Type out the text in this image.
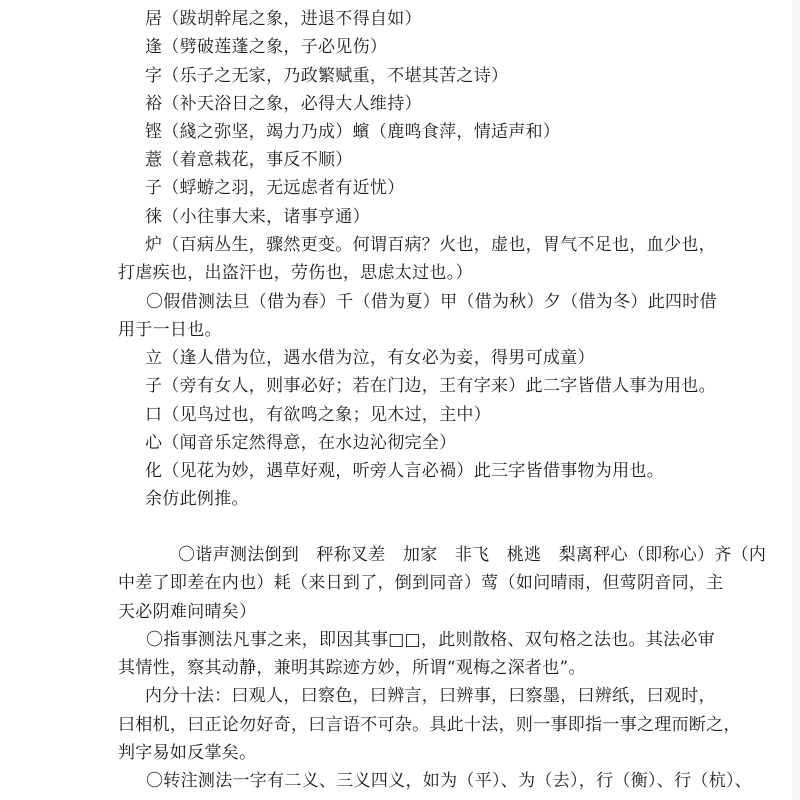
居（跋胡幹尾之象，进退不得自如）
逢（劈破莲蓬之象，子必见伤）
字（乐子之无家，乃政繁赋重，不堪其苦之诗）
裕（补天浴日之象，必得大人维持）
铿（綫之弥坚，竭力乃成）蠙（鹿鸣食萍，情适声和）
薏（着意栽花，事反不顺）
子（蜉蝣之羽，无远虑者有近忧）
徕（小往事大来，诸事亨通）
炉（百病丛生，骤然更变。何谓百病？火也，虚也，胃气不足也，血少也，
打虐疾也，出盗汗也，劳伤也，思虑太过也。）
〇假借测法旦（借为春）千（借为夏）甲（借为秋）夕（借为冬）此四时借
用于一日也。
立（逢人借为位，遇水借为泣，有女必为妾，得男可成童）
子（旁有女人，则事必好；若在门边，王有字来）此二字皆借人事为用也。
口（见鸟过也，有欲鸣之象；见木过，主中）
心（闻音乐定然得意，在水边沁彻完全）
化（见花为妙，遇草好观，听旁人言必禍）此三字皆借事物为用也。
余仿此例推。
〇谐声测法倒到　秤称叉差　加家　非飞　桃逃　梨离秤心（即称心）齐（内
中差了即差在内也）耗（来日到了，倒到同音）莺（如问晴雨，但莺阴音同，主
天必阴难问晴矣）
〇指事测法凡事之来，即因其事□□，此则散格、双句格之法也。其法必审
其情性，察其动静，兼明其踪迹方妙，所谓“观梅之深者也”。
内分十法：曰观人，曰察色，曰辨言，曰辨事，曰察墨，曰辨纸，曰观时，
曰相机，曰正论勿好奇，曰言语不可杂。具此十法，则一事即指一事之理而断之，
判字易如反掌矣。
〇转注测法一字有二义、三义四义，如为（平）、为（去），行（衡）、行（杭）、
